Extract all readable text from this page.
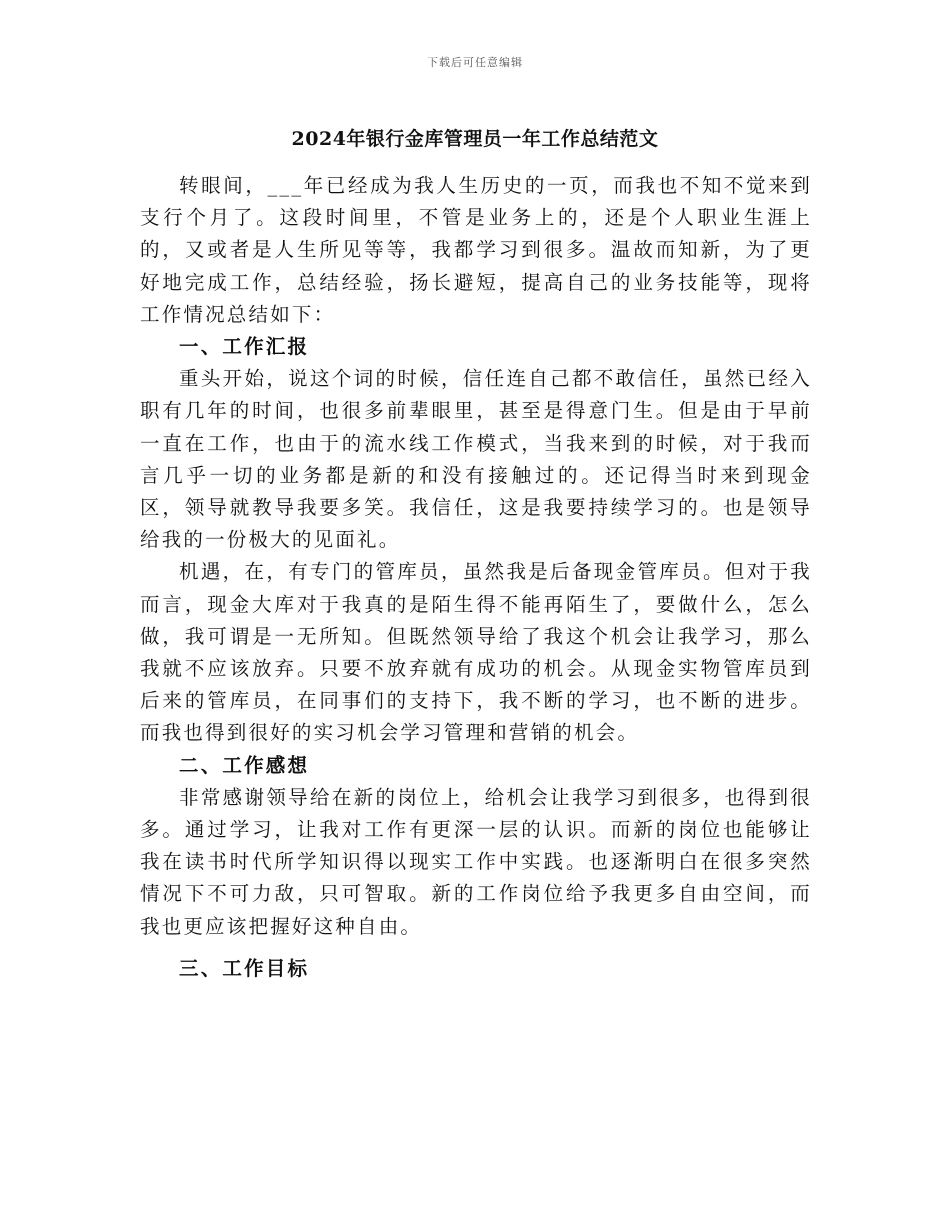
下载后可任意编辑
2024年银行金库管理员一年工作总结范文

转眼间，___年已经成为我人生历史的一页，而我也不知不觉来到支行个月了。这段时间里，不管是业务上的，还是个人职业生涯上的，又或者是人生所见等等，我都学习到很多。温故而知新，为了更好地完成工作，总结经验，扬长避短，提高自己的业务技能等，现将工作情况总结如下：

一、工作汇报

重头开始，说这个词的时候，信任连自己都不敢信任，虽然已经入职有几年的时间，也很多前辈眼里，甚至是得意门生。但是由于早前一直在工作，也由于的流水线工作模式，当我来到的时候，对于我而言几乎一切的业务都是新的和没有接触过的。还记得当时来到现金区，领导就教导我要多笑。我信任，这是我要持续学习的。也是领导给我的一份极大的见面礼。

机遇，在，有专门的管库员，虽然我是后备现金管库员。但对于我而言，现金大库对于我真的是陌生得不能再陌生了，要做什么，怎么做，我可谓是一无所知。但既然领导给了我这个机会让我学习，那么我就不应该放弃。只要不放弃就有成功的机会。从现金实物管库员到后来的管库员，在同事们的支持下，我不断的学习，也不断的进步。而我也得到很好的实习机会学习管理和营销的机会。

二、工作感想

非常感谢领导给在新的岗位上，给机会让我学习到很多，也得到很多。通过学习，让我对工作有更深一层的认识。而新的岗位也能够让我在读书时代所学知识得以现实工作中实践。也逐渐明白在很多突然情况下不可力敌，只可智取。新的工作岗位给予我更多自由空间，而我也更应该把握好这种自由。

三、工作目标
